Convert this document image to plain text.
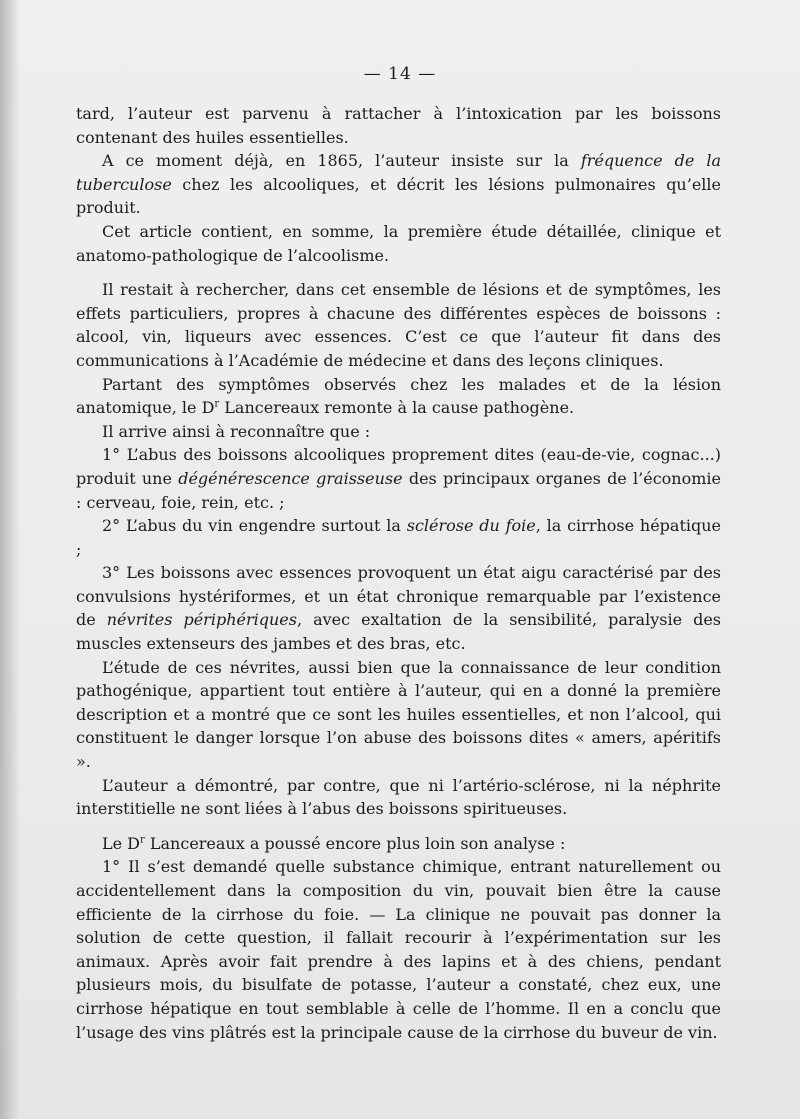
— 14 —

tard, l’auteur est parvenu à rattacher à l’intoxication par les boissons contenant des huiles essentielles.

A ce moment déjà, en 1865, l’auteur insiste sur la fréquence de la tuberculose chez les alcooliques, et décrit les lésions pulmonaires qu’elle produit.

Cet article contient, en somme, la première étude détaillée, clinique et anatomo-pathologique de l’alcoolisme.

Il restait à rechercher, dans cet ensemble de lésions et de symptômes, les effets particuliers, propres à chacune des différentes espèces de boissons : alcool, vin, liqueurs avec essences. C’est ce que l’auteur fit dans des communications à l’Académie de médecine et dans des leçons cliniques.

Partant des symptômes observés chez les malades et de la lésion anatomique, le $D^r$ Lancereaux remonte à la cause pathogène.

Il arrive ainsi à reconnaître que :

1° L’abus des boissons alcooliques proprement dites (eau-de-vie, cognac...) produit une dégénérescence graisseuse des principaux organes de l’économie : cerveau, foie, rein, etc. ;

2° L’abus du vin engendre surtout la sclérose du foie, la cirrhose hépatique ;

3° Les boissons avec essences provoquent un état aigu caractérisé par des convulsions hystériformes, et un état chronique remarquable par l’existence de névrites périphériques, avec exaltation de la sensibilité, paralysie des muscles extenseurs des jambes et des bras, etc.

L’étude de ces névrites, aussi bien que la connaissance de leur condition pathogénique, appartient tout entière à l’auteur, qui en a donné la première description et a montré que ce sont les huiles essentielles, et non l’alcool, qui constituent le danger lorsque l’on abuse des boissons dites « amers, apéritifs ».

L’auteur a démontré, par contre, que ni l’artério-sclérose, ni la néphrite interstitielle ne sont liées à l’abus des boissons spiritueuses.

Le $D^r$ Lancereaux a poussé encore plus loin son analyse :

1° Il s’est demandé quelle substance chimique, entrant naturellement ou accidentellement dans la composition du vin, pouvait bien être la cause efficiente de la cirrhose du foie. — La clinique ne pouvait pas donner la solution de cette question, il fallait recourir à l’expérimentation sur les animaux. Après avoir fait prendre à des lapins et à des chiens, pendant plusieurs mois, du bisulfate de potasse, l’auteur a constaté, chez eux, une cirrhose hépatique en tout semblable à celle de l’homme. Il en a conclu que l’usage des vins plâtrés est la principale cause de la cirrhose du buveur de vin.
